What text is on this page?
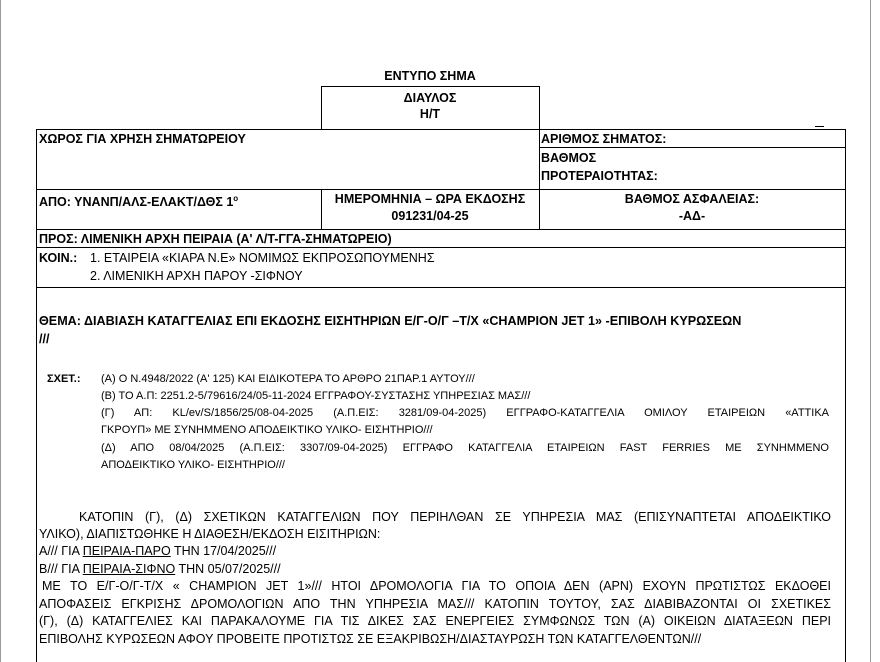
ΕΝΤΥΠΟ ΣΗΜΑ
ΔΙΑΥΛΟΣ
Η/Τ
ΧΩΡΟΣ ΓΙΑ ΧΡΗΣΗ ΣΗΜΑΤΩΡΕΙΟΥ	ΑΡΙΘΜΟΣ ΣΗΜΑΤΟΣ:
ΒΑΘΜΟΣ
ΠΡΟΤΕΡΑΙΟΤΗΤΑΣ:
ΑΠΟ: ΥΝΑΝΠ/ΑΛΣ-ΕΛΑΚΤ/ΔΘΣ $1^o$	ΗΜΕΡΟΜΗΝΙΑ – ΩΡΑ ΕΚΔΟΣΗΣ
091231/04-25
ΒΑΘΜΟΣ ΑΣΦΑΛΕΙΑΣ:
-ΑΔ-
ΠΡΟΣ: ΛΙΜΕΝΙΚΗ ΑΡΧΗ ΠΕΙΡΑΙΑ (Α' Λ/Τ-ΓΓΑ-ΣΗΜΑΤΩΡΕΙΟ)
ΚΟΙΝ.: 1. ΕΤΑΙΡΕΙΑ «ΚΙΑΡΑ Ν.Ε» ΝΟΜΙΜΩΣ ΕΚΠΡΟΣΩΠΟΥΜΕΝΗΣ
2. ΛΙΜΕΝΙΚΗ ΑΡΧΗ ΠΑΡΟΥ -ΣΙΦΝΟΥ
ΘΕΜΑ: ΔΙΑΒΙΑΣΗ ΚΑΤΑΓΓΕΛΙΑΣ ΕΠΙ ΕΚΔΟΣΗΣ ΕΙΣΗΤΗΡΙΩΝ Ε/Γ-Ο/Γ –Τ/Χ «CHAMPION JET 1» -ΕΠΙΒΟΛΗ ΚΥΡΩΣΕΩΝ
///
ΣΧΕΤ.: (Α) Ο Ν.4948/2022 (Α' 125) ΚΑΙ ΕΙΔΙΚΟΤΕΡΑ ΤΟ ΑΡΘΡΟ 21ΠΑΡ.1 ΑΥΤΟΥ///
(Β) ΤΟ Α.Π: 2251.2-5/79616/24/05-11-2024 ΕΓΓΡΑΦΟΥ-ΣΥΣΤΑΣΗΣ ΥΠΗΡΕΣΙΑΣ ΜΑΣ///
(Γ) ΑΠ: KL/ev/S/1856/25/08-04-2025 (Α.Π.ΕΙΣ: 3281/09-04-2025) ΕΓΓΡΑΦΟ-ΚΑΤΑΓΓΕΛΙΑ ΟΜΙΛΟΥ ΕΤΑΙΡΕΙΩΝ «ΑΤΤΙΚΑ
ΓΚΡΟΥΠ» ΜΕ ΣΥΝΗΜΜΕΝΟ ΑΠΟΔΕΙΚΤΙΚΟ ΥΛΙΚΟ- ΕΙΣΗΤΗΡΙΟ///
(Δ) ΑΠΟ 08/04/2025 (Α.Π.ΕΙΣ: 3307/09-04-2025) ΕΓΓΡΑΦΟ ΚΑΤΑΓΓΕΛΙΑ ΕΤΑΙΡΕΙΩΝ FAST FERRIES ΜΕ ΣΥΝΗΜΜΕΝΟ
ΑΠΟΔΕΙΚΤΙΚΟ ΥΛΙΚΟ- ΕΙΣΗΤΗΡΙΟ///
ΚΑΤΟΠΙΝ (Γ), (Δ) ΣΧΕΤΙΚΩΝ ΚΑΤΑΓΓΕΛΙΩΝ ΠΟΥ ΠΕΡΙΗΛΘΑΝ ΣΕ ΥΠΗΡΕΣΙΑ ΜΑΣ (ΕΠΙΣΥΝΑΠΤΕΤΑΙ ΑΠΟΔΕΙΚΤΙΚΟ
ΥΛΙΚΟ), ΔΙΑΠΙΣΤΩΘΗΚΕ Η ΔΙΑΘΕΣΗ/ΕΚΔΟΣΗ ΕΙΣΙΤΗΡΙΩΝ:
Α/// ΓΙΑ ΠΕΙΡΑΙΑ-ΠΑΡΟ ΤΗΝ 17/04/2025///
Β/// ΓΙΑ ΠΕΙΡΑΙΑ-ΣΙΦΝΟ ΤΗΝ 05/07/2025///
ΜΕ ΤΟ Ε/Γ-Ο/Γ-Τ/Χ « CHAMPION JET 1»/// ΗΤΟΙ ΔΡΟΜΟΛΟΓΙΑ ΓΙΑ ΤΟ ΟΠΟΙΑ ΔΕΝ (ΑΡΝ) ΕΧΟΥΝ ΠΡΩΤΙΣΤΩΣ ΕΚΔΟΘΕΙ
ΑΠΟΦΑΣΕΙΣ ΕΓΚΡΙΣΗΣ ΔΡΟΜΟΛΟΓΙΩΝ ΑΠΟ ΤΗΝ ΥΠΗΡΕΣΙΑ ΜΑΣ/// ΚΑΤΟΠΙΝ ΤΟΥΤΟΥ, ΣΑΣ ΔΙΑΒΙΒΑΖΟΝΤΑΙ ΟΙ ΣΧΕΤΙΚΕΣ
(Γ), (Δ) ΚΑΤΑΓΓΕΛΙΕΣ ΚΑΙ ΠΑΡΑΚΑΛΟΥΜΕ ΓΙΑ ΤΙΣ ΔΙΚΕΣ ΣΑΣ ΕΝΕΡΓΕΙΕΣ ΣΥΜΦΩΝΩΣ ΤΩΝ (Α) ΟΙΚΕΙΩΝ ΔΙΑΤΑΞΕΩΝ ΠΕΡΙ
ΕΠΙΒΟΛΗΣ ΚΥΡΩΣΕΩΝ ΑΦΟΥ ΠΡΟΒΕΙΤΕ ΠΡΟΤΙΣΤΩΣ ΣΕ ΕΞΑΚΡΙΒΩΣΗ/ΔΙΑΣΤΑΥΡΩΣΗ ΤΩΝ ΚΑΤΑΓΓΕΛΘΕΝΤΩΝ///
